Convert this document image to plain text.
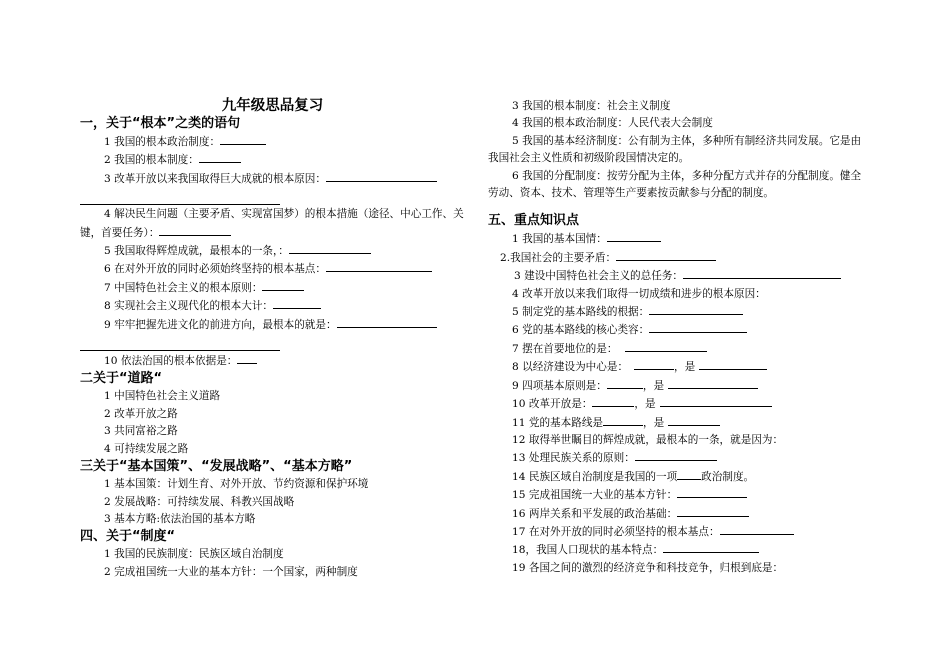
九年级思品复习
一，关于“根本”之类的语句
1 我国的根本政治制度：
2 我国的根本制度：
3 改革开放以来我国取得巨大成就的根本原因：
4 解决民生问题（主要矛盾、实现富国梦）的根本措施（途径、中心工作、关键，首要任务）：
5 我国取得辉煌成就，最根本的一条，：
6 在对外开放的同时必须始终坚持的根本基点：
7 中国特色社会主义的根本原则：
8 实现社会主义现代化的根本大计：
9 牢牢把握先进文化的前进方向，最根本的就是：
10 依法治国的根本依据是：
二关于“道路“
1 中国特色社会主义道路
2 改革开放之路
3 共同富裕之路
4 可持续发展之路
三关于“基本国策”、“发展战略”、“基本方略”
1 基本国策：计划生育、对外开放、节约资源和保护环境
2 发展战略：可持续发展、科教兴国战略
3 基本方略:依法治国的基本方略
四、关于“制度“
1 我国的民族制度：民族区域自治制度
2 完成祖国统一大业的基本方针：一个国家，两种制度
3 我国的根本制度：社会主义制度
4 我国的根本政治制度：人民代表大会制度
5 我国的基本经济制度：公有制为主体，多种所有制经济共同发展。它是由我国社会主义性质和初级阶段国情决定的。
6 我国的分配制度：按劳分配为主体，多种分配方式并存的分配制度。健全劳动、资本、技术、管理等生产要素按贡献参与分配的制度。
五、重点知识点
1 我国的基本国情：
2.我国社会的主要矛盾：
3 建设中国特色社会主义的总任务：
4 改革开放以来我们取得一切成绩和进步的根本原因：
5 制定党的基本路线的根据：
6 党的基本路线的核心类容：
7 摆在首要地位的是：
8 以经济建设为中心是：	，是
9 四项基本原则是：	，是
10 改革开放是：	，是
11 党的基本路线是	，是
12 取得举世瞩目的辉煌成就，最根本的一条，就是因为：
13 处理民族关系的原则：
14 民族区域自治制度是我国的一项 政治制度。
15 完成祖国统一大业的基本方针：
16 两岸关系和平发展的政治基础：
17 在对外开放的同时必须坚持的根本基点：
18，我国人口现状的基本特点：
19 各国之间的激烈的经济竞争和科技竞争，归根到底是：
